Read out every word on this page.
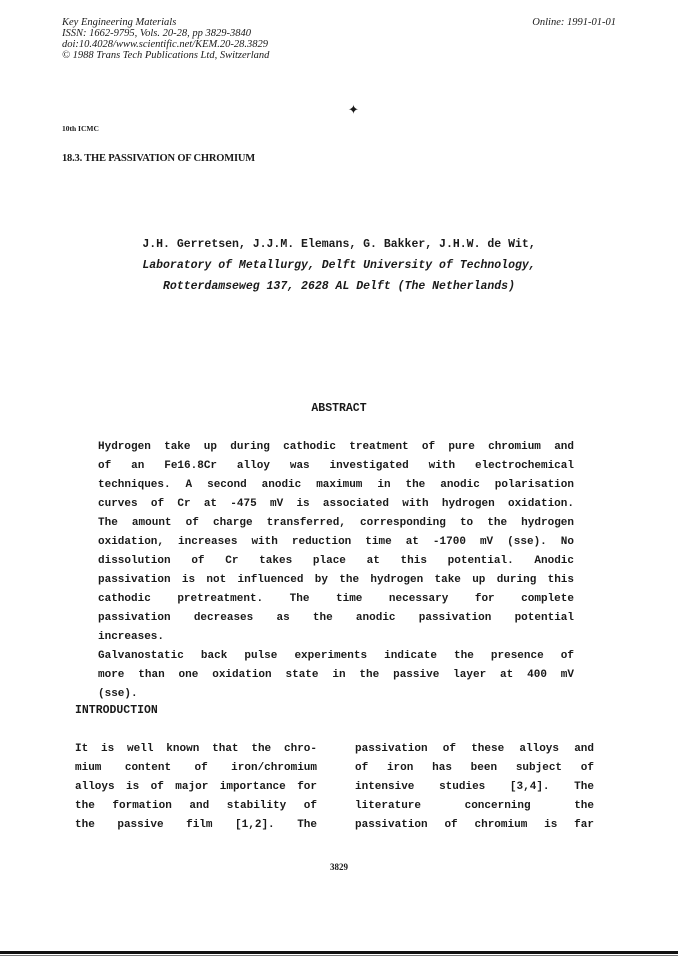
Key Engineering Materials
ISSN: 1662-9795, Vols. 20-28, pp 3829-3840
doi:10.4028/www.scientific.net/KEM.20-28.3829
© 1988 Trans Tech Publications Ltd, Switzerland
Online: 1991-01-01
✦
10th ICMC
18.3. THE PASSIVATION OF CHROMIUM
J.H. Gerretsen, J.J.M. Elemans, G. Bakker, J.H.W. de Wit,
Laboratory of Metallurgy, Delft University of Technology,
Rotterdamseweg 137, 2628 AL Delft (The Netherlands)
ABSTRACT
Hydrogen take up during cathodic treatment of pure chromium and
of an Fe16.8Cr alloy was investigated with electrochemical
techniques. A second anodic maximum in the anodic polarisation
curves of Cr at -475 mV is associated with hydrogen oxidation.
The amount of charge transferred, corresponding to the hydrogen
oxidation, increases with reduction time at -1700 mV (sse). No
dissolution of Cr takes place at this potential. Anodic
passivation is not influenced by the hydrogen take up during this
cathodic pretreatment. The time necessary for complete
passivation decreases as the anodic passivation potential
increases.
Galvanostatic back pulse experiments indicate the presence of
more than one oxidation state in the passive layer at 400 mV
(sse).
INTRODUCTION
It is well known that the chro-
mium content of iron/chromium
alloys is of major importance for
the formation and stability of
the passive film [1,2]. The
passivation of these alloys and
of iron has been subject of
intensive studies [3,4]. The
literature concerning the
passivation of chromium is far
3829
